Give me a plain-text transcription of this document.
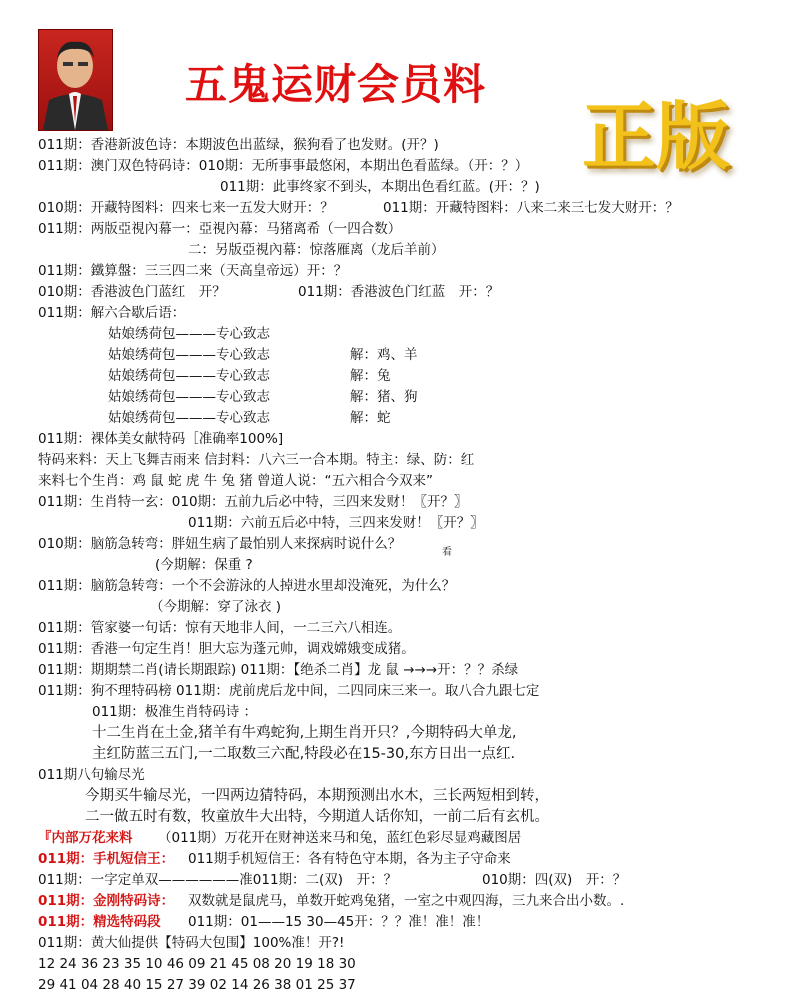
五鬼运财会员料
正版
011期：香港新波色诗：本期波色出蓝绿，猴狗看了也发财。(开？)
011期：澳门双色特码诗：010期：无所事事最悠闲，本期出色看蓝绿。（开：？）
011期：此事终家不到头，本期出色看红蓝。(开：？)
010期：开藏特图料：四来七来一五发大财开：？	011期：开藏特图料：八来二来三七发大财开：？
011期：两版亞視內幕一：亞視內幕：马猪离希（一四合数）
二：另版亞視內幕：惊落雁离（龙后羊前）
011期：鐵算盤：三三四二来（天高皇帝远）开：？
010期：香港波色门蓝红　开？	011期：香港波色门红蓝　开：？
011期：解六合歇后语：
姑娘绣荷包———专心致志
姑娘绣荷包———专心致志	解：鸡、羊
姑娘绣荷包———专心致志	解：兔
姑娘绣荷包———专心致志	解：猪、狗
姑娘绣荷包———专心致志	解：蛇
011期：裸体美女献特码［准确率100%]
特码来料：天上飞舞吉雨来 信封料：八六三一合本期。特主：绿、防：红
来料七个生肖：鸡 鼠 蛇 虎 牛 兔 猪 曾道人说：“五六相合今双来”
011期：生肖特一玄：010期：五前九后必中特，三四来发财！〖开？〗
011期：六前五后必中特，三四来发财！〖开？〗
010期：脑筋急转弯：胖妞生病了最怕别人来探病时说什么？
看
(今期解：保重 ?
011期：脑筋急转弯：一个不会游泳的人掉进水里却没淹死，为什么？
（今期解：穿了泳衣 )
011期：管家婆一句话：惊有天地非人间，一二三六八相连。
011期：香港一句定生肖！胆大忘为蓬元帅，调戏嫦娥变成猪。
011期：期期禁二肖(请长期跟踪) 011期：【绝杀二肖】龙 鼠 →→→开：？？杀绿
011期：狗不理特码榜 011期：虎前虎后龙中间，二四同床三来一。取八合九跟七定
011期：极准生肖特码诗 ：
十二生肖在土金,猪羊有牛鸡蛇狗,上期生肖开只？,今期特码大单龙,
主红防蓝三五门,一二取数三六配,特段必在15-30,东方日出一点红.
011期八句输尽光
今期买牛输尽光，一四两边猜特码，本期预测出水木，三长两短相到转，
二一做五时有数，牧童放牛大出特，今期道人话你知，一前二后有玄机。
『内部万花来料 （011期）万花开在财神送来马和兔，蓝红色彩尽显鸡藏图居
011期：手机短信王： 011期手机短信王：各有特色守本期，各为主子守命来
011期：一字定单双——————准011期：二(双)　开：？	010期：四(双)　开：？
011期：金刚特码诗： 双数就是鼠虎马，单数开蛇鸡兔猪，一室之中观四海，三九来合出小数。.
011期：精选特码段 011期：01——15 30—45开：？？准！准！准！
011期：黄大仙提供【特码大包围】100%准！开?!
12 24 36 23 35 10 46 09 21 45 08 20 19 18 30
29 41 04 28 40 15 27 39 02 14 26 38 01 25 37
